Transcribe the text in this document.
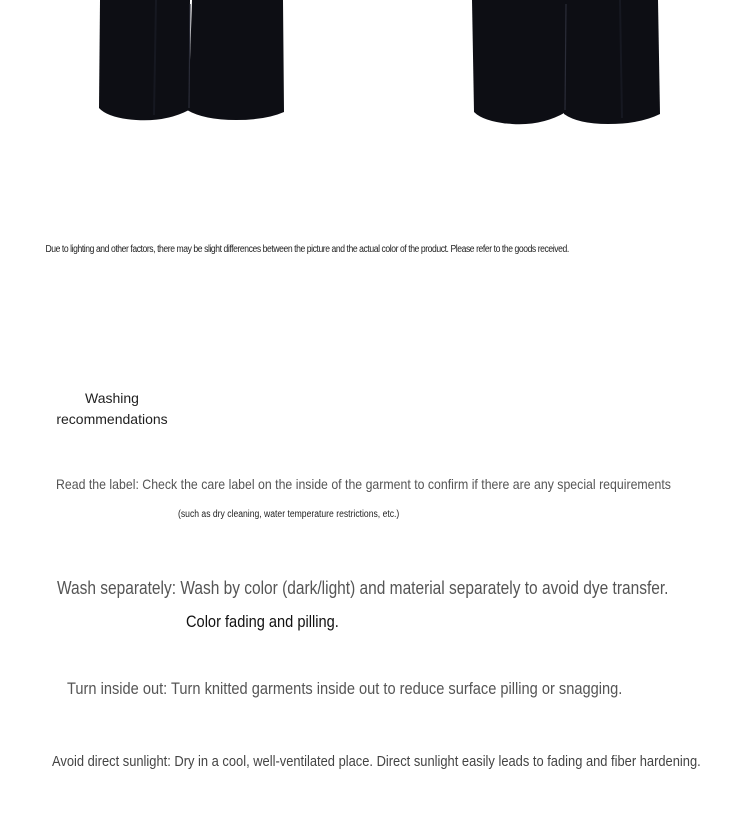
Due to lighting and other factors, there may be slight differences between the picture and the actual color of the product. Please refer to the goods received.
Washing recommendations
Read the label: Check the care label on the inside of the garment to confirm if there are any special requirements
(such as dry cleaning, water temperature restrictions, etc.)
Wash separately: Wash by color (dark/light) and material separately to avoid dye transfer.
Color fading and pilling.
Turn inside out: Turn knitted garments inside out to reduce surface pilling or snagging.
Avoid direct sunlight: Dry in a cool, well-ventilated place. Direct sunlight easily leads to fading and fiber hardening.
